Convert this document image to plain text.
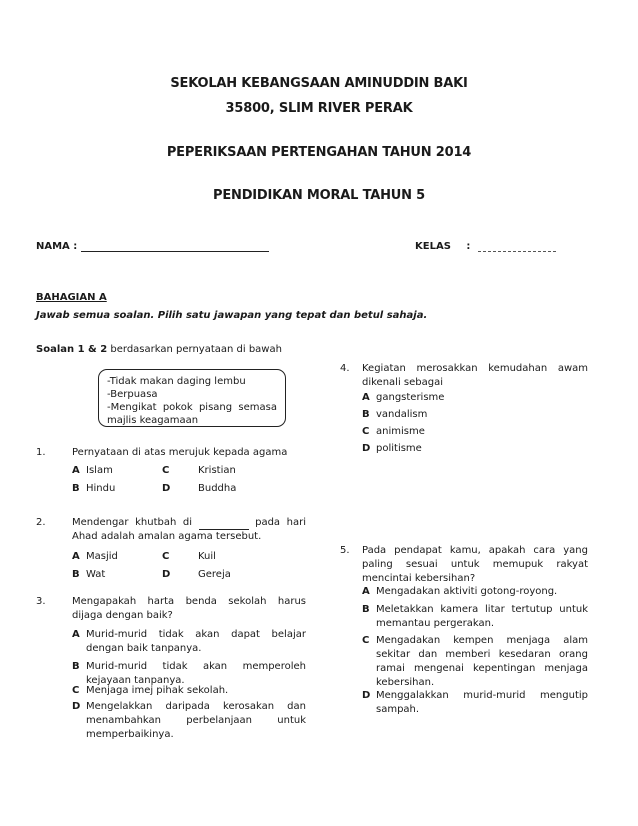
SEKOLAH KEBANGSAAN AMINUDDIN BAKI
35800, SLIM RIVER PERAK
PEPERIKSAAN PERTENGAHAN TAHUN 2014
PENDIDIKAN MORAL TAHUN 5
NAMA :	KELAS :
BAHAGIAN A
Jawab semua soalan. Pilih satu jawapan yang tepat dan betul sahaja.
Soalan 1 & 2 berdasarkan pernyataan di bawah
-Tidak makan daging lembu
-Berpuasa
-Mengikat pokok pisang semasa majlis keagamaan
1.	Pernyataan di atas merujuk kepada agama
A Islam	C	Kristian
B Hindu	D	Buddha
2.	Mendengar khutbah di	pada hari
Ahad adalah amalan agama tersebut.
A Masjid	C	Kuil
B Wat	D	Gereja
3.	Mengapakah harta benda sekolah harus dijaga dengan baik?
A Murid-murid tidak akan dapat belajar dengan baik tanpanya.
B Murid-murid tidak akan memperoleh kejayaan tanpanya.
C Menjaga imej pihak sekolah.
D Mengelakkan daripada kerosakan dan menambahkan perbelanjaan untuk memperbaikinya.
4. Kegiatan merosakkan kemudahan awam dikenali sebagai
A gangsterisme
B vandalism
C animisme
D politisme
5. Pada pendapat kamu, apakah cara yang paling sesuai untuk memupuk rakyat mencintai kebersihan?
A Mengadakan aktiviti gotong-royong.
B Meletakkan kamera litar tertutup untuk memantau pergerakan.
C Mengadakan kempen menjaga alam sekitar dan memberi kesedaran orang ramai mengenai kepentingan menjaga kebersihan.
D Menggalakkan murid-murid mengutip sampah.
